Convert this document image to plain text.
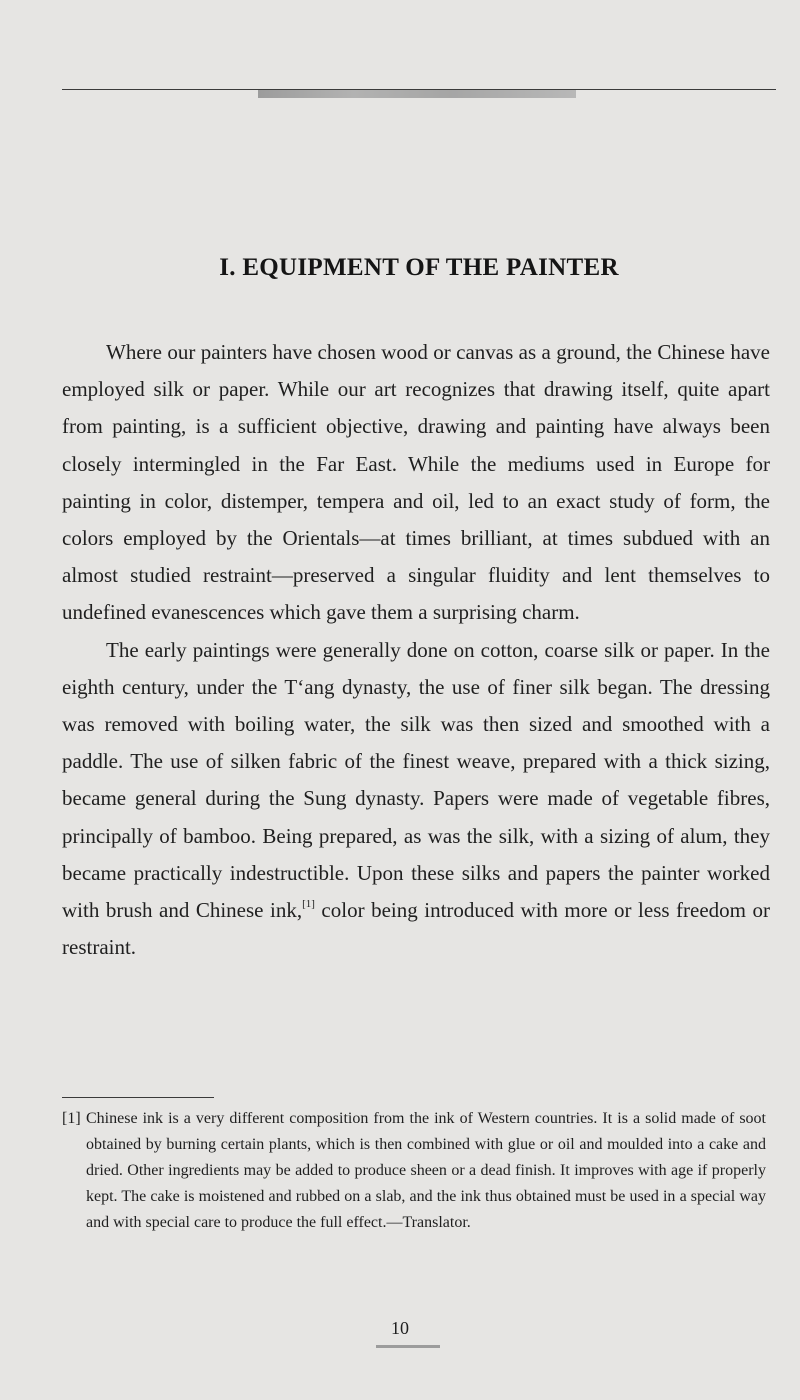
I. EQUIPMENT OF THE PAINTER

Where our painters have chosen wood or canvas as a ground, the Chinese have employed silk or paper. While our art recognizes that drawing itself, quite apart from painting, is a sufficient objective, drawing and painting have always been closely intermingled in the Far East. While the mediums used in Europe for painting in color, distemper, tempera and oil, led to an exact study of form, the colors employed by the Orientals—at times brilliant, at times subdued with an almost studied restraint—preserved a singular fluidity and lent themselves to undefined evanescences which gave them a surprising charm.

The early paintings were generally done on cotton, coarse silk or paper. In the eighth century, under the T‘ang dynasty, the use of finer silk began. The dressing was removed with boiling water, the silk was then sized and smoothed with a paddle. The use of silken fabric of the finest weave, prepared with a thick sizing, became general during the Sung dynasty. Papers were made of vegetable fibres, principally of bamboo. Being prepared, as was the silk, with a sizing of alum, they became practically indestructible. Upon these silks and papers the painter worked with brush and Chinese ink,[1] color being introduced with more or less freedom or restraint.

[1] Chinese ink is a very different composition from the ink of Western countries. It is a solid made of soot obtained by burning certain plants, which is then combined with glue or oil and moulded into a cake and dried. Other ingredients may be added to produce sheen or a dead finish. It improves with age if properly kept. The cake is moistened and rubbed on a slab, and the ink thus obtained must be used in a special way and with special care to produce the full effect.—Translator.
10
